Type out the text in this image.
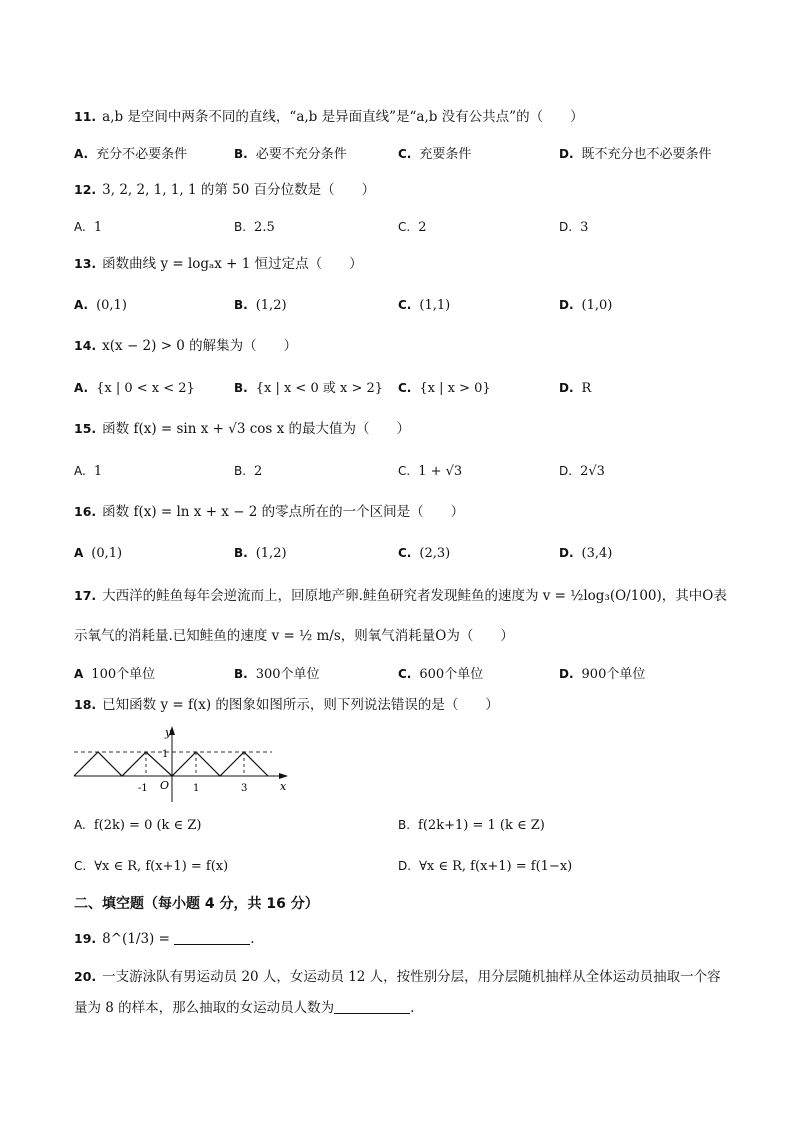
11. a,b 是空间中两条不同的直线，“a,b 是异面直线”是“a,b 没有公共点”的（　　）
A. 充分不必要条件	B. 必要不充分条件	C. 充要条件	D. 既不充分也不必要条件
12. 3, 2, 2, 1, 1, 1 的第 50 百分位数是（　　）
A. 1	B. 2.5	C. 2	D. 3
13. 函数曲线 y = logₐx + 1 恒过定点（　　）
A. (0,1)	B. (1,2)	C. (1,1)	D. (1,0)
14. x(x − 2) > 0 的解集为（　　）
A. {x | 0 < x < 2}	B. {x | x < 0 或 x > 2} C. {x | x > 0}	D. R
15. 函数 f(x) = sin x + √3 cos x 的最大值为（　　）
A. 1	B. 2	C. 1 + √3	D. 2√3
16. 函数 f(x) = ln x + x − 2 的零点所在的一个区间是（　　）
A (0,1)	B. (1,2)	C. (2,3)	D. (3,4)
17. 大西洋的鲑鱼每年会逆流而上，回原地产卵.鲑鱼研究者发现鲑鱼的速度为 v = ½log₃(O/100)，其中O表
示氧气的消耗量.已知鲑鱼的速度 v = ½ m/s，则氧气消耗量O为（　　）
A 100个单位	B. 300个单位	C. 600个单位	D. 900个单位
18. 已知函数 y = f(x) 的图象如图所示，则下列说法错误的是（　　）
y
1
O
-1	1	3	x
A. f(2k) = 0 (k ∈ Z)	B. f(2k+1) = 1 (k ∈ Z)
C. ∀x ∈ R, f(x+1) = f(x)	D. ∀x ∈ R, f(x+1) = f(1−x)
二、填空题（每小题 4 分，共 16 分）
19. 8^(1/3) =	.
20. 一支游泳队有男运动员 20 人，女运动员 12 人，按性别分层，用分层随机抽样从全体运动员抽取一个容
量为 8 的样本，那么抽取的女运动员人数为	.
